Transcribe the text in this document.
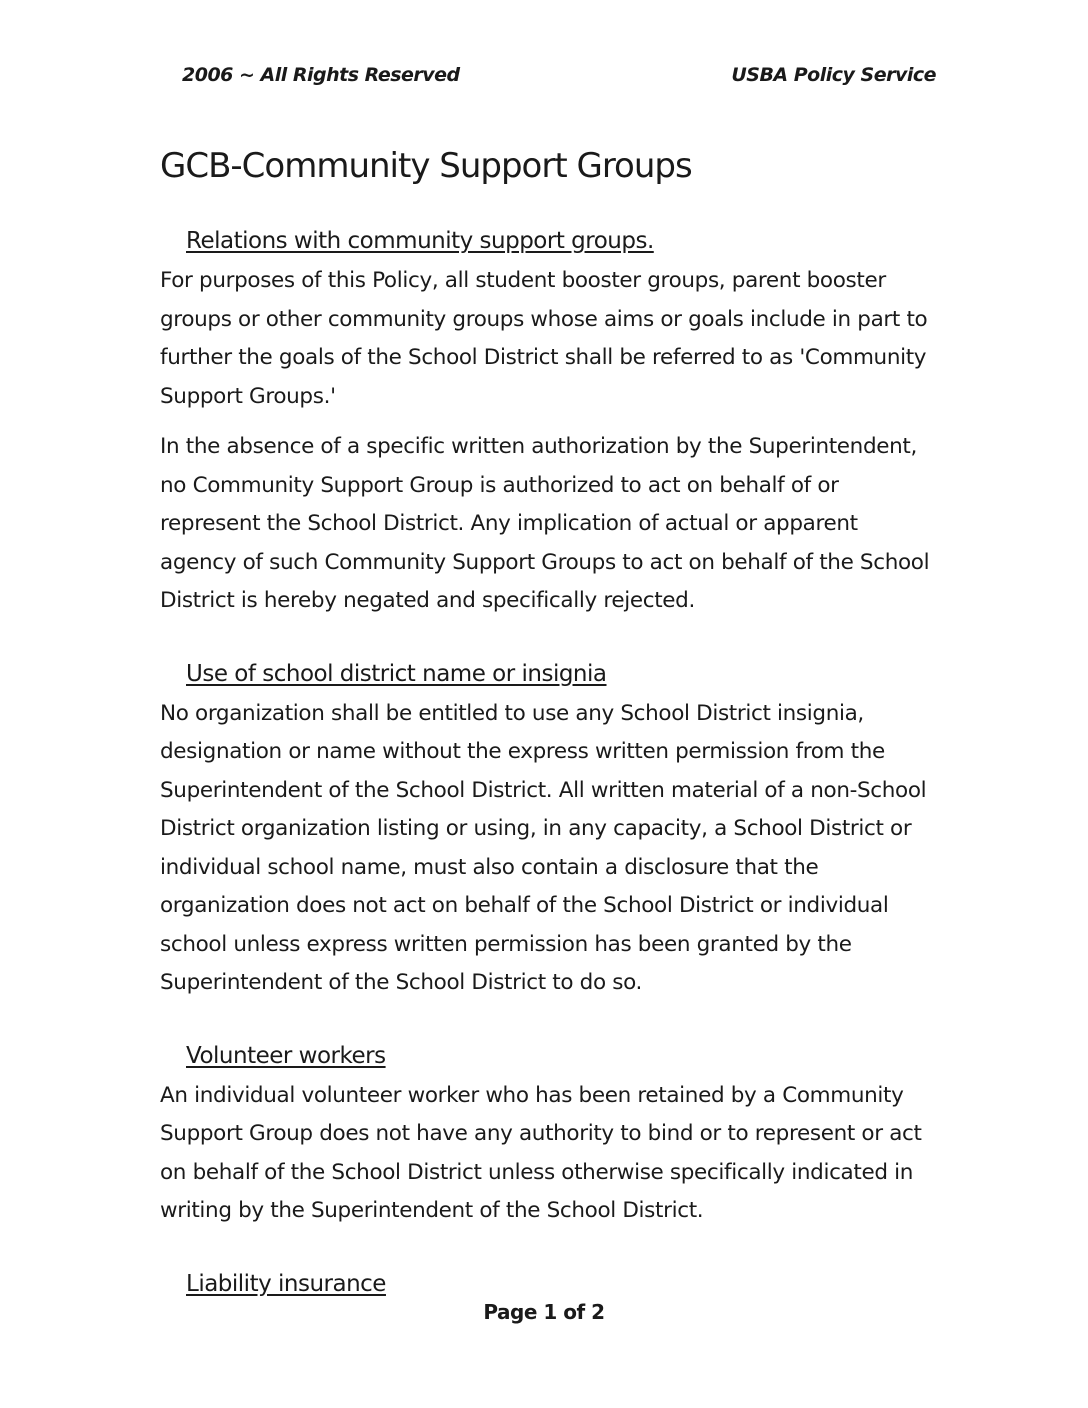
2006 ~ All Rights Reserved	USBA Policy Service
GCB-Community Support Groups
Relations with community support groups.

For purposes of this Policy, all student booster groups, parent booster groups or other community groups whose aims or goals include in part to further the goals of the School District shall be referred to as 'Community Support Groups.'

In the absence of a specific written authorization by the Superintendent, no Community Support Group is authorized to act on behalf of or represent the School District. Any implication of actual or apparent agency of such Community Support Groups to act on behalf of the School District is hereby negated and specifically rejected.

Use of school district name or insignia

No organization shall be entitled to use any School District insignia, designation or name without the express written permission from the Superintendent of the School District. All written material of a non-School District organization listing or using, in any capacity, a School District or individual school name, must also contain a disclosure that the organization does not act on behalf of the School District or individual school unless express written permission has been granted by the Superintendent of the School District to do so.

Volunteer workers

An individual volunteer worker who has been retained by a Community Support Group does not have any authority to bind or to represent or act on behalf of the School District unless otherwise specifically indicated in writing by the Superintendent of the School District.

Liability insurance
Page 1 of 2
